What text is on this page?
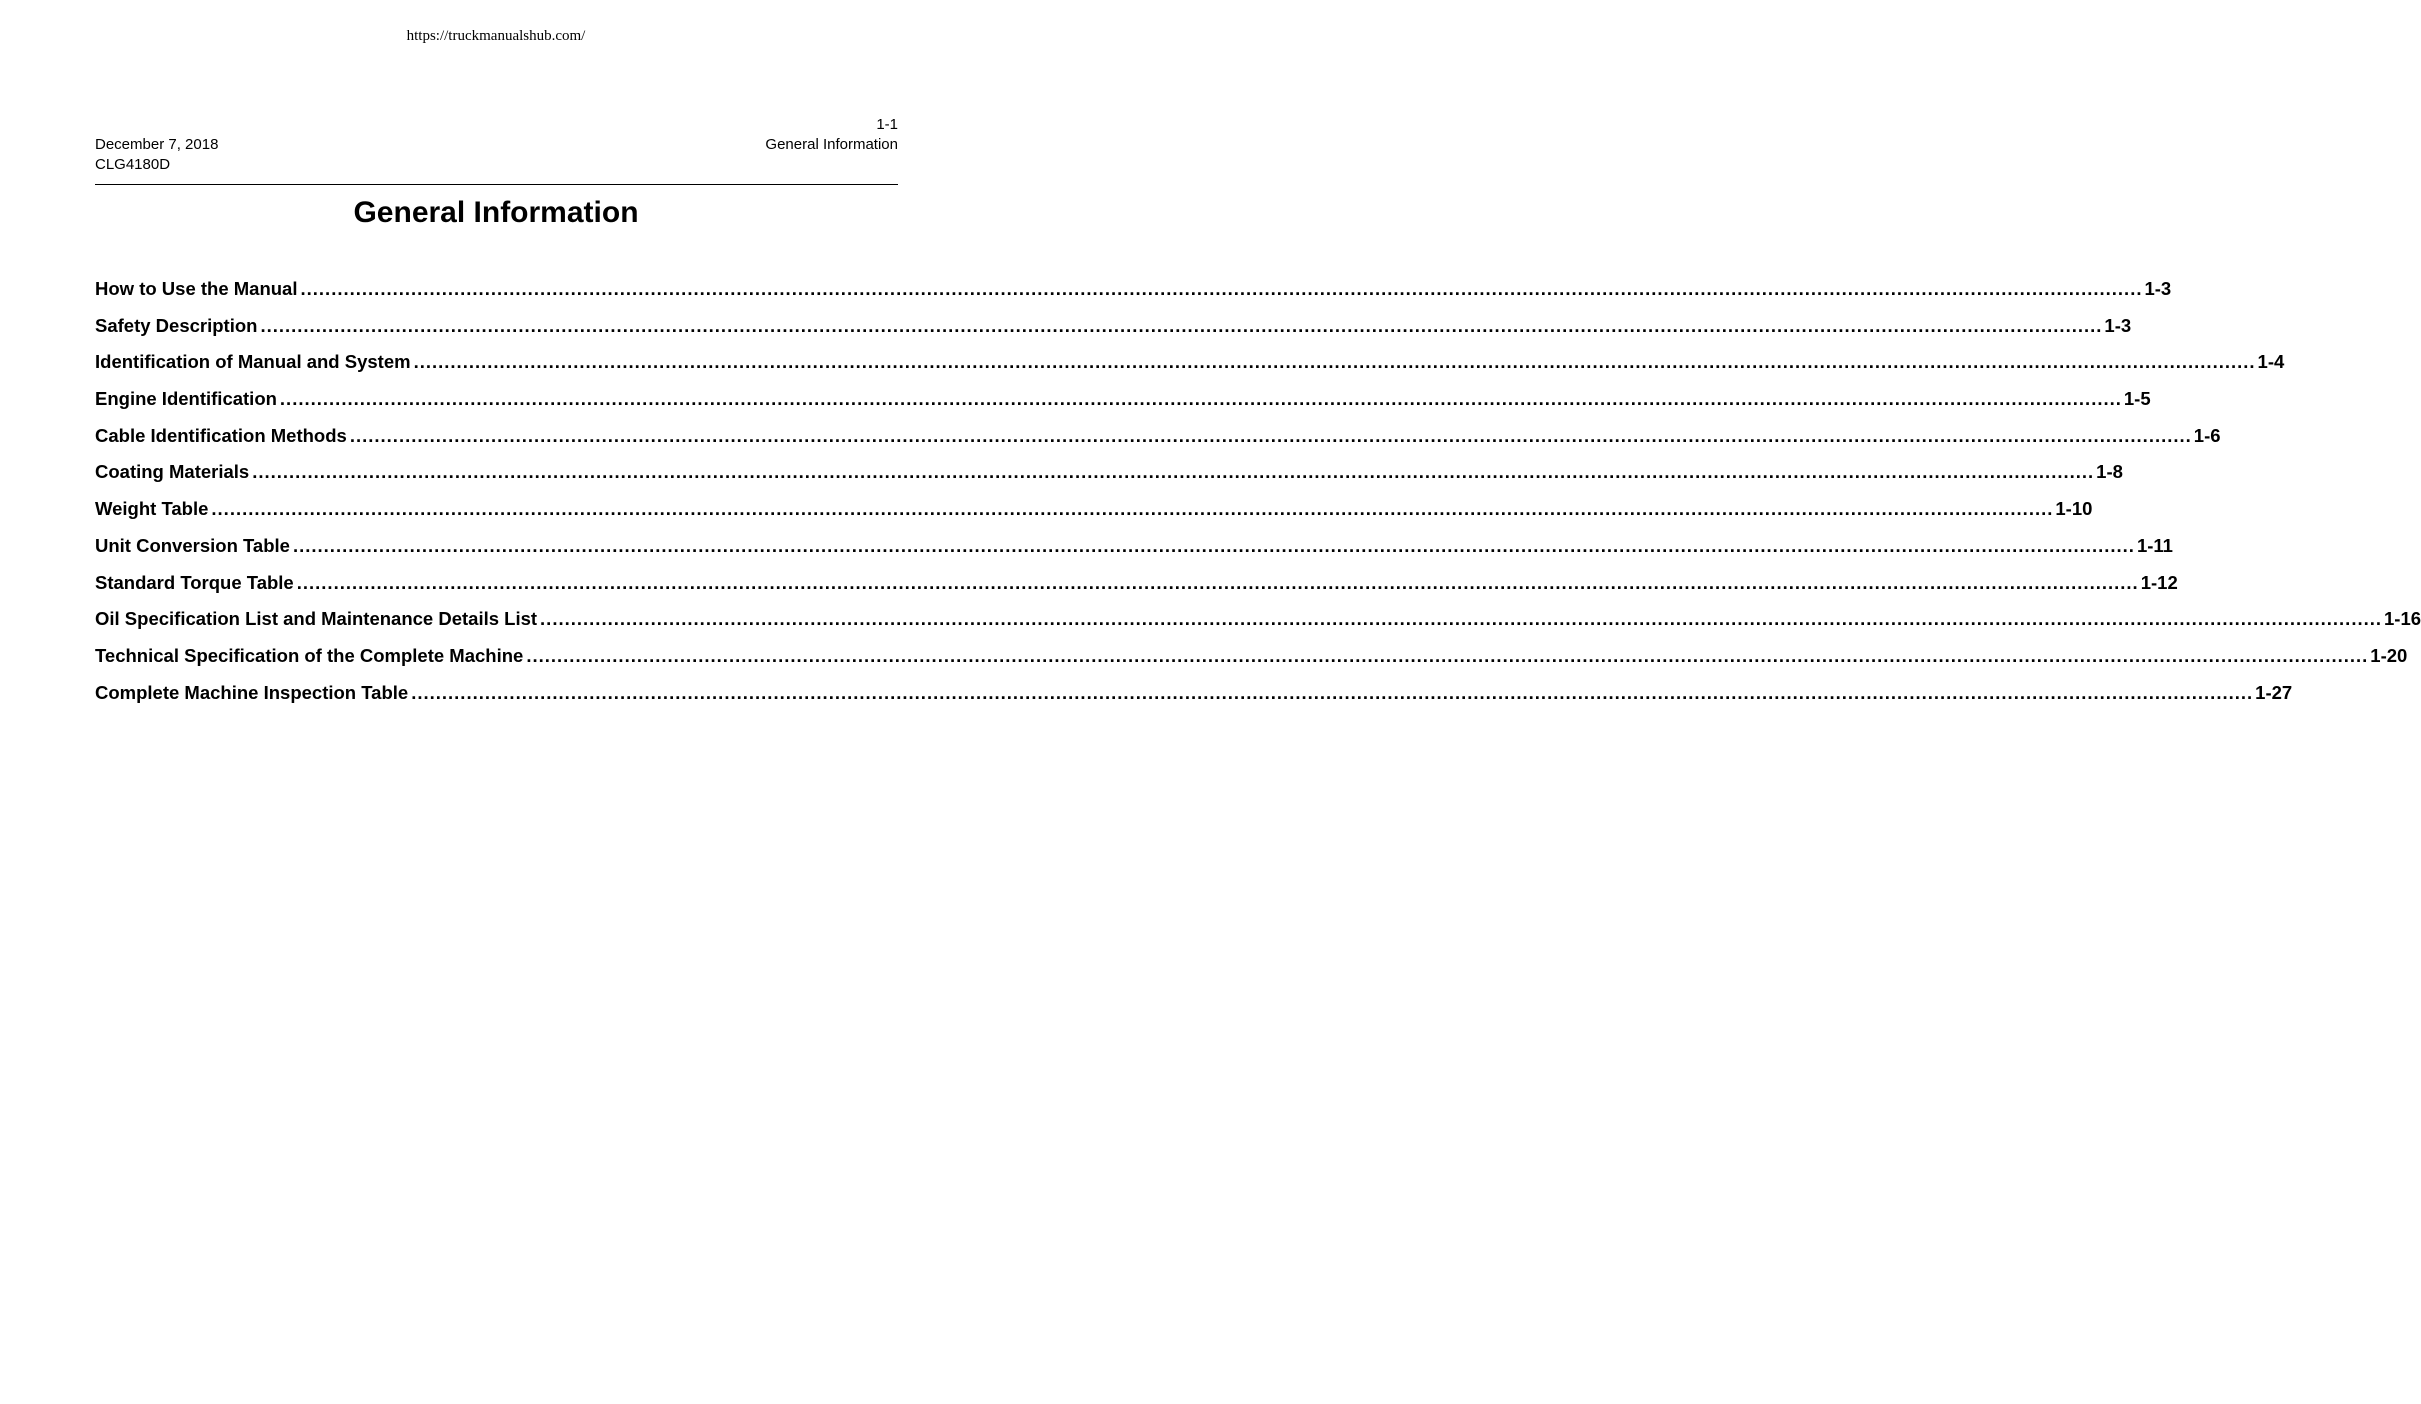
https://truckmanualshub.com/
1-1
General Information
December 7, 2018
CLG4180D
General Information
How to Use the Manual ............................................................................................................................................................................................................................................................................................................ 1-3
Safety Description ............................................................................................................................................................................................................................................................................................................ 1-3
Identification of Manual and System ............................................................................................................................................................................................................................................................................................................ 1-4
Engine Identification ............................................................................................................................................................................................................................................................................................................ 1-5
Cable Identification Methods ............................................................................................................................................................................................................................................................................................................ 1-6
Coating Materials ............................................................................................................................................................................................................................................................................................................ 1-8
Weight Table ............................................................................................................................................................................................................................................................................................................ 1-10
Unit Conversion Table ............................................................................................................................................................................................................................................................................................................ 1-11
Standard Torque Table ............................................................................................................................................................................................................................................................................................................ 1-12
Oil Specification List and Maintenance Details List ............................................................................................................................................................................................................................................................................................................ 1-16
Technical Specification of the Complete Machine ............................................................................................................................................................................................................................................................................................................ 1-20
Complete Machine Inspection Table ............................................................................................................................................................................................................................................................................................................ 1-27
